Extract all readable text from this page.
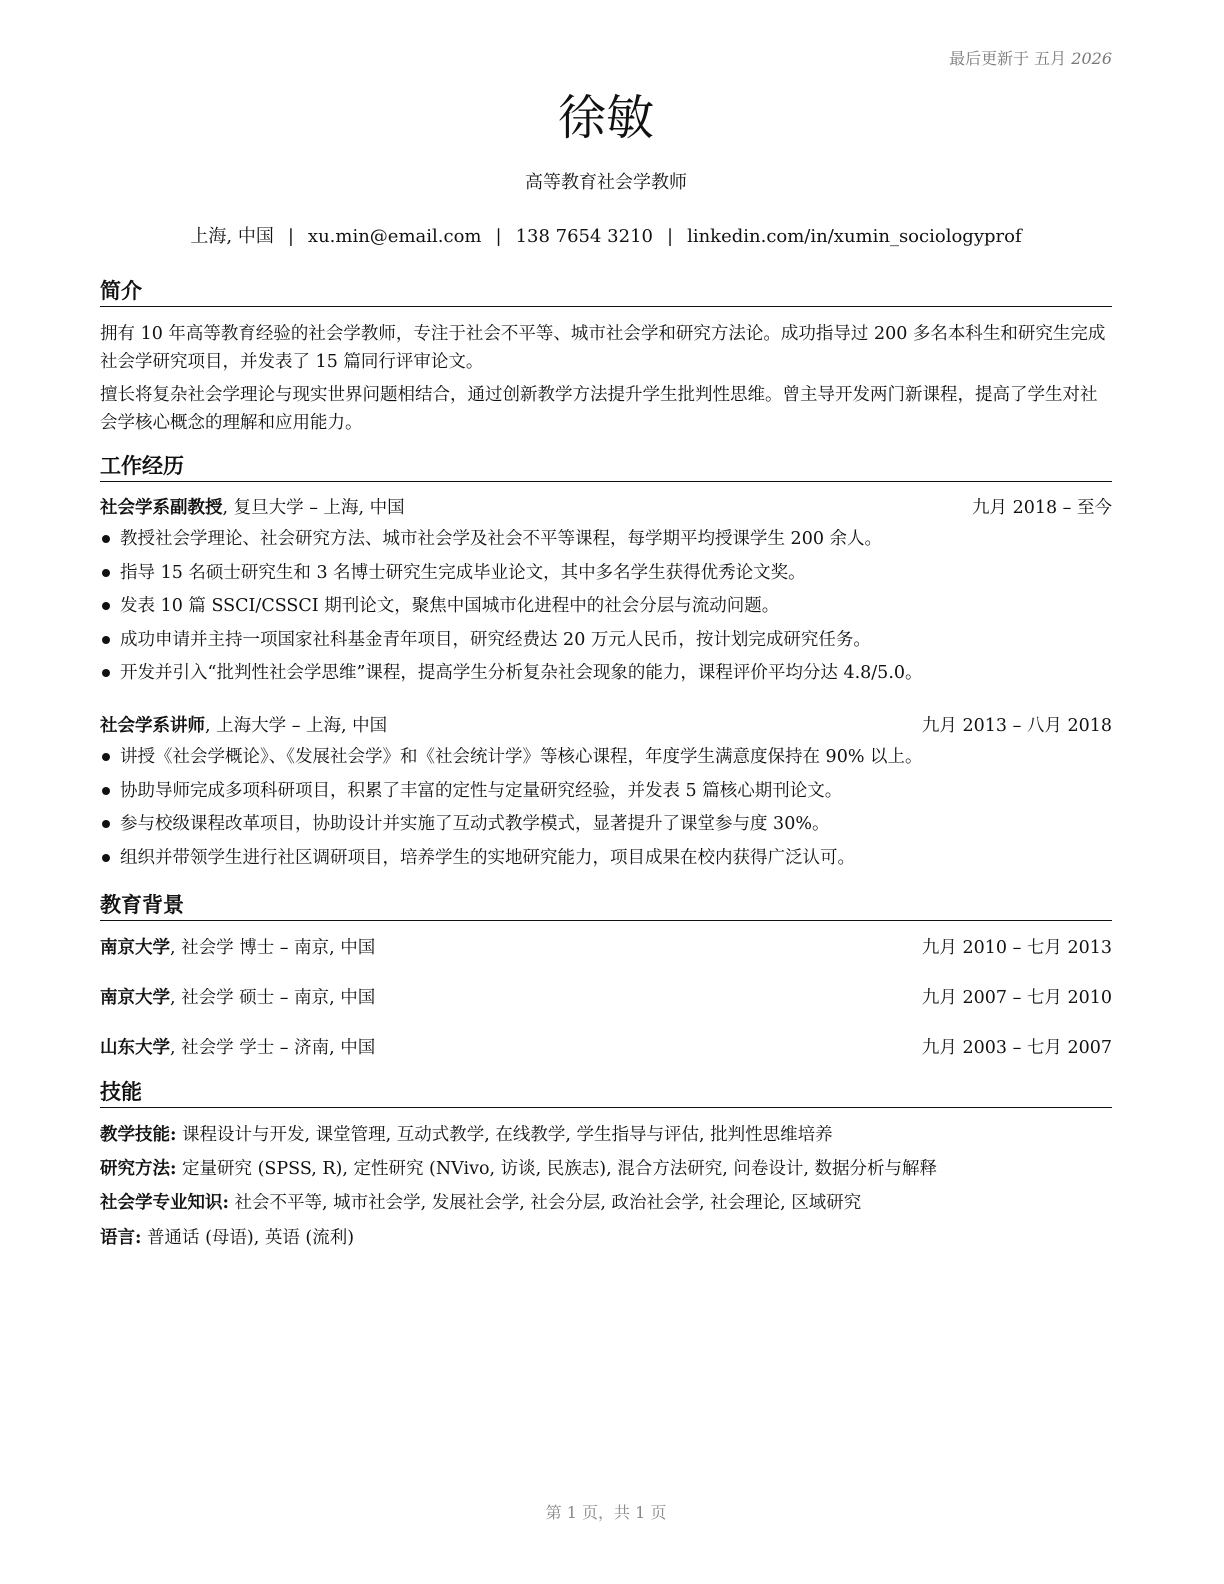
最后更新于 五月 2026
徐敏
高等教育社会学教师
上海, 中国 | xu.min@email.com | 138 7654 3210 | linkedin.com/in/xumin_sociologyprof
简介

拥有 10 年高等教育经验的社会学教师，专注于社会不平等、城市社会学和研究方法论。成功指导过 200 多名本科生和研究生完成社会学研究项目，并发表了 15 篇同行评审论文。

擅长将复杂社会学理论与现实世界问题相结合，通过创新教学方法提升学生批判性思维。曾主导开发两门新课程，提高了学生对社会学核心概念的理解和应用能力。

工作经历
社会学系副教授, 复旦大学 – 上海, 中国	九月 2018 – 至今
教授社会学理论、社会研究方法、城市社会学及社会不平等课程，每学期平均授课学生 200 余人。
指导 15 名硕士研究生和 3 名博士研究生完成毕业论文，其中多名学生获得优秀论文奖。
发表 10 篇 SSCI/CSSCI 期刊论文，聚焦中国城市化进程中的社会分层与流动问题。
成功申请并主持一项国家社科基金青年项目，研究经费达 20 万元人民币，按计划完成研究任务。
开发并引入“批判性社会学思维”课程，提高学生分析复杂社会现象的能力，课程评价平均分达 4.8/5.0。
社会学系讲师, 上海大学 – 上海, 中国	九月 2013 – 八月 2018
讲授《社会学概论》、《发展社会学》和《社会统计学》等核心课程，年度学生满意度保持在 90% 以上。
协助导师完成多项科研项目，积累了丰富的定性与定量研究经验，并发表 5 篇核心期刊论文。
参与校级课程改革项目，协助设计并实施了互动式教学模式，显著提升了课堂参与度 30%。
组织并带领学生进行社区调研项目，培养学生的实地研究能力，项目成果在校内获得广泛认可。
教育背景
南京大学, 社会学 博士 – 南京, 中国	九月 2010 – 七月 2013
南京大学, 社会学 硕士 – 南京, 中国	九月 2007 – 七月 2010
山东大学, 社会学 学士 – 济南, 中国	九月 2003 – 七月 2007
技能
教学技能: 课程设计与开发, 课堂管理, 互动式教学, 在线教学, 学生指导与评估, 批判性思维培养
研究方法: 定量研究 (SPSS, R), 定性研究 (NVivo, 访谈, 民族志), 混合方法研究, 问卷设计, 数据分析与解释
社会学专业知识: 社会不平等, 城市社会学, 发展社会学, 社会分层, 政治社会学, 社会理论, 区域研究
语言: 普通话 (母语), 英语 (流利)
第 1 页，共 1 页
